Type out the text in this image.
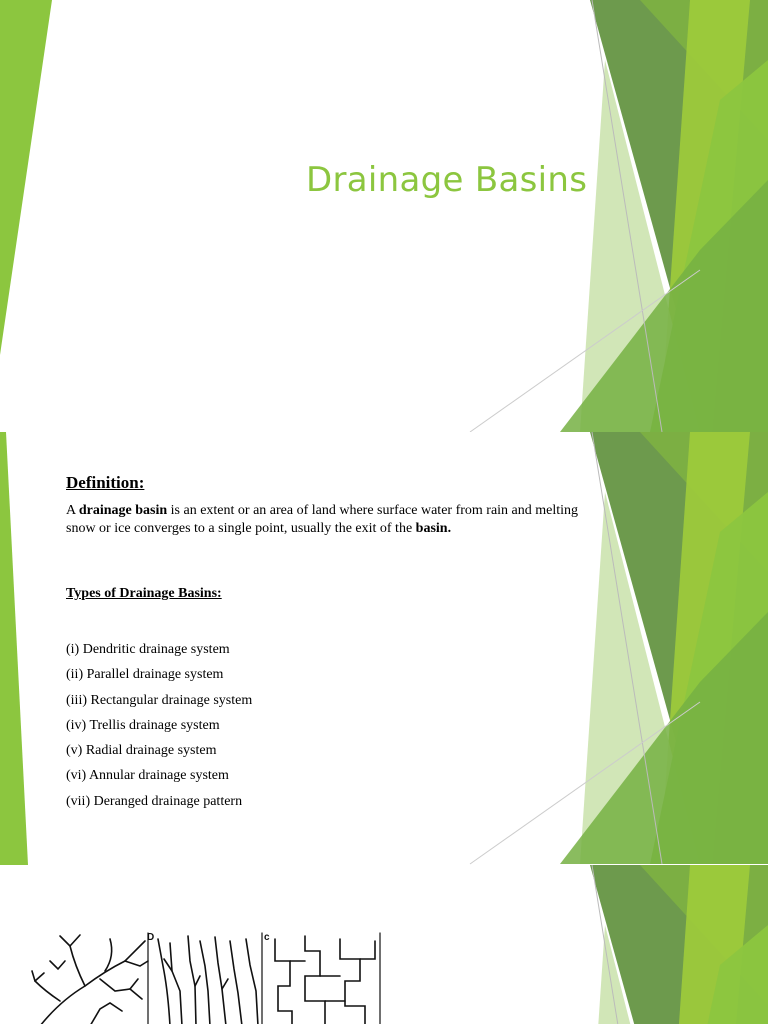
Drainage Basins
Definition:
A drainage basin is an extent or an area of land where surface water from rain and melting snow or ice converges to a single point, usually the exit of the basin.
Types of Drainage Basins:
(i) Dendritic drainage system
(ii) Parallel drainage system
(iii) Rectangular drainage system
(iv) Trellis drainage system
(v) Radial drainage system
(vi) Annular drainage system
(vii) Deranged drainage pattern
D	c
